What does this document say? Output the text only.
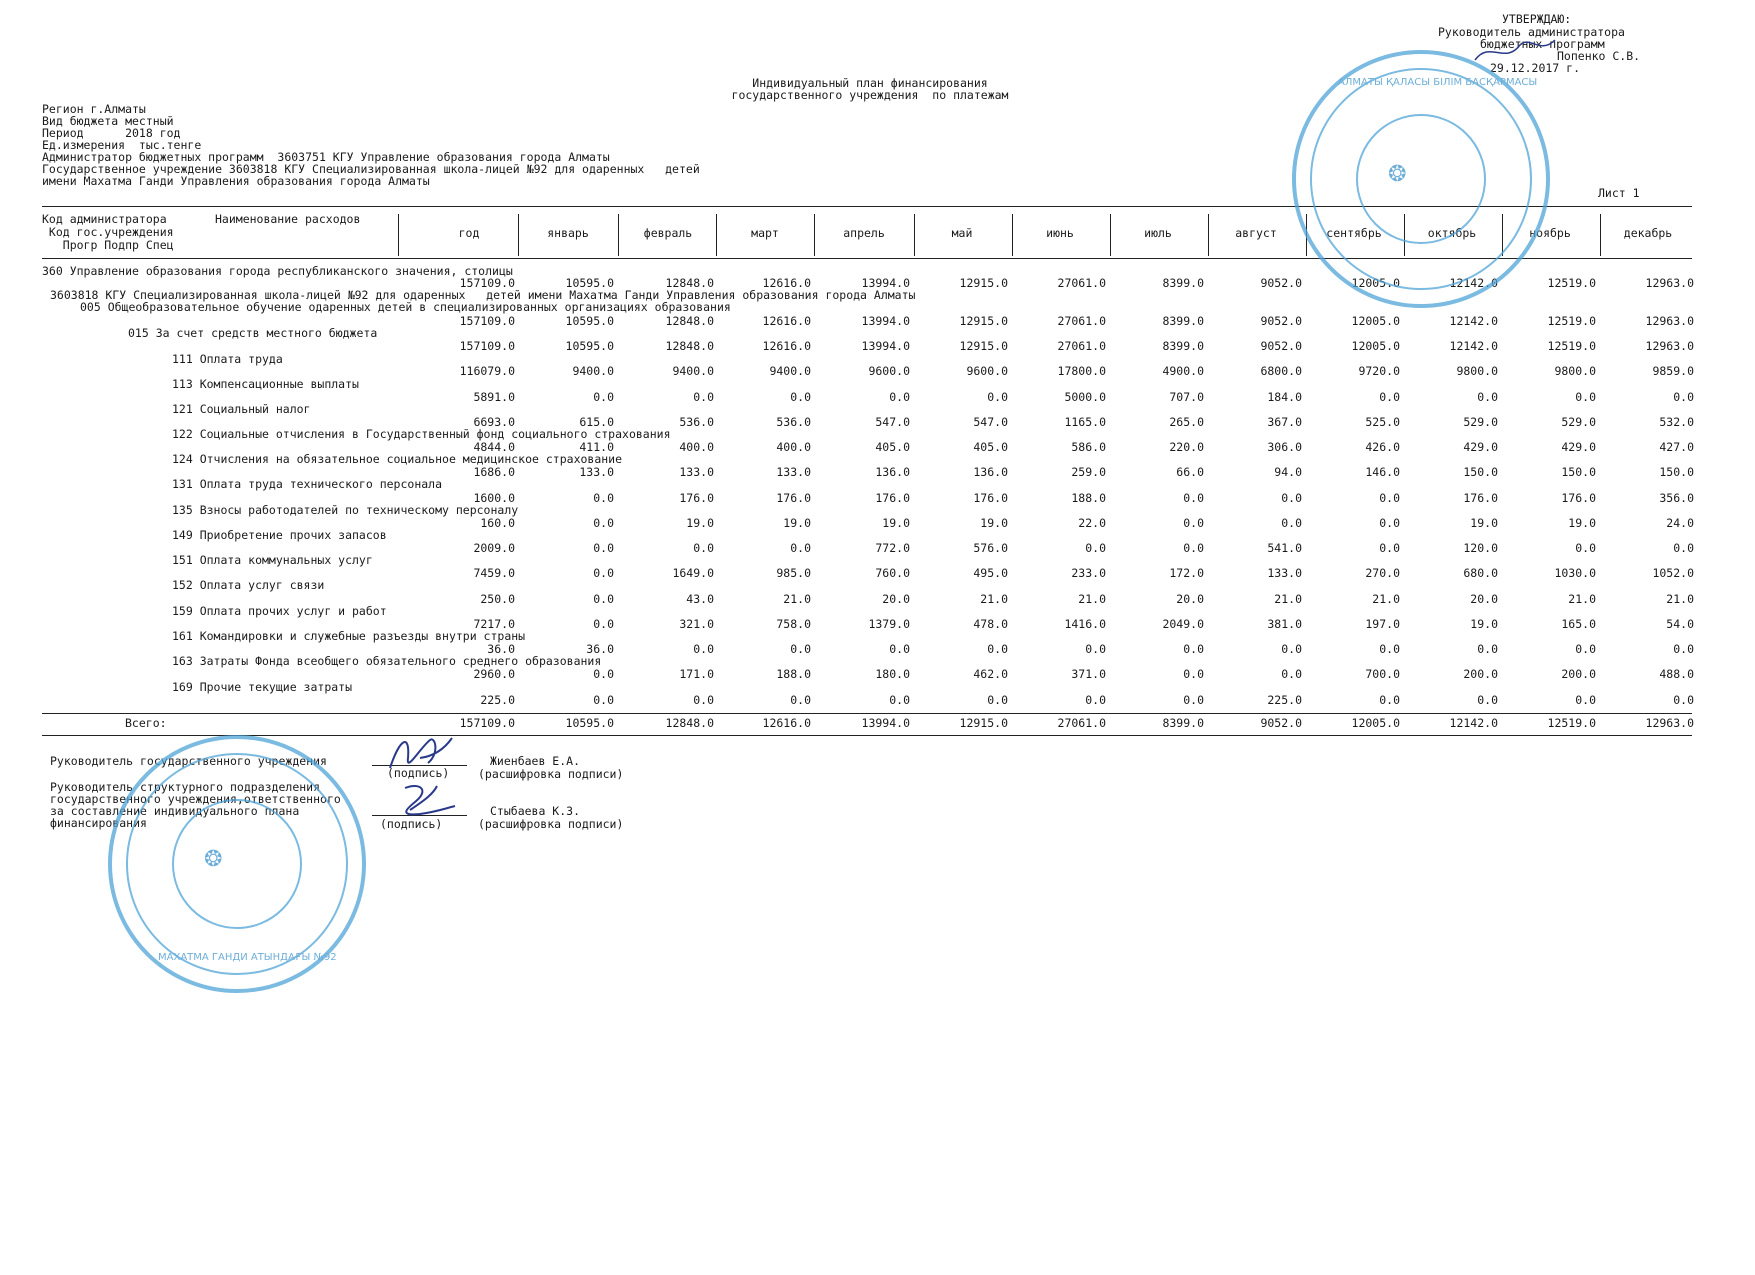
УТВЕРЖДАЮ:
Руководитель администратора
бюджетных программ
Попенко С.В.
29.12.2017 г.
Индивидуальный план финансирования
государственного учреждения  по платежам
Регион г.Алматы
Вид бюджета местный
Период      2018 год
Ед.измерения  тыс.тенге
Администратор бюджетных программ  3603751 КГУ Управление образования города Алматы
Государственное учреждение 3603818 КГУ Специализированная школа-лицей №92 для одаренных   детей
имени Махатма Ганди Управления образования города Алматы
Лист 1
Код администратора	Наименование расходов
Код гос.учреждения
Прогр Подпр Спец
год	январь	февраль	март	апрель	май	июнь	июль	август	сентябрь	октябрь	ноябрь	декабрь
360 Управление образования города республиканского значения, столицы
157109.0	10595.0	12848.0	12616.0	13994.0	12915.0	27061.0	8399.0	9052.0	12005.0	12142.0	12519.0	12963.0
3603818 КГУ Специализированная школа-лицей №92 для одаренных   детей имени Махатма Ганди Управления образования города Алматы
005 Общеобразовательное обучение одаренных детей в специализированных организациях образования
157109.0	10595.0	12848.0	12616.0	13994.0	12915.0	27061.0	8399.0	9052.0	12005.0	12142.0	12519.0	12963.0
015 За счет средств местного бюджета
157109.0	10595.0	12848.0	12616.0	13994.0	12915.0	27061.0	8399.0	9052.0	12005.0	12142.0	12519.0	12963.0
111 Оплата труда
116079.0	9400.0	9400.0	9400.0	9600.0	9600.0	17800.0	4900.0	6800.0	9720.0	9800.0	9800.0	9859.0
113 Компенсационные выплаты
5891.0	0.0	0.0	0.0	0.0	0.0	5000.0	707.0	184.0	0.0	0.0	0.0	0.0
121 Социальный налог
6693.0	615.0	536.0	536.0	547.0	547.0	1165.0	265.0	367.0	525.0	529.0	529.0	532.0
122 Социальные отчисления в Государственный фонд социального страхования
4844.0	411.0	400.0	400.0	405.0	405.0	586.0	220.0	306.0	426.0	429.0	429.0	427.0
124 Отчисления на обязательное социальное медицинское страхование
1686.0	133.0	133.0	133.0	136.0	136.0	259.0	66.0	94.0	146.0	150.0	150.0	150.0
131 Оплата труда технического персонала
1600.0	0.0	176.0	176.0	176.0	176.0	188.0	0.0	0.0	0.0	176.0	176.0	356.0
135 Взносы работодателей по техническому персоналу
160.0	0.0	19.0	19.0	19.0	19.0	22.0	0.0	0.0	0.0	19.0	19.0	24.0
149 Приобретение прочих запасов
2009.0	0.0	0.0	0.0	772.0	576.0	0.0	0.0	541.0	0.0	120.0	0.0	0.0
151 Оплата коммунальных услуг
7459.0	0.0	1649.0	985.0	760.0	495.0	233.0	172.0	133.0	270.0	680.0	1030.0	1052.0
152 Оплата услуг связи
250.0	0.0	43.0	21.0	20.0	21.0	21.0	20.0	21.0	21.0	20.0	21.0	21.0
159 Оплата прочих услуг и работ
7217.0	0.0	321.0	758.0	1379.0	478.0	1416.0	2049.0	381.0	197.0	19.0	165.0	54.0
161 Командировки и служебные разъезды внутри страны
36.0	36.0	0.0	0.0	0.0	0.0	0.0	0.0	0.0	0.0	0.0	0.0	0.0
163 Затраты Фонда всеобщего обязательного среднего образования
2960.0	0.0	171.0	188.0	180.0	462.0	371.0	0.0	0.0	700.0	200.0	200.0	488.0
169 Прочие текущие затраты
225.0	0.0	0.0	0.0	0.0	0.0	0.0	0.0	225.0	0.0	0.0	0.0	0.0
Всего:	157109.0	10595.0	12848.0	12616.0	13994.0	12915.0	27061.0	8399.0	9052.0	12005.0	12142.0	12519.0	12963.0
Руководитель государственного учреждения
(подпись)
Жиенбаев Е.А.
(расшифровка подписи)
Руководитель структурного подразделения
государственного учреждения,ответственного
за составление индивидуального плана
финансирования	(подпись)
Стыбаева К.З.
(расшифровка подписи)
АЛМАТЫ ҚАЛАСЫ БІЛІМ БАСҚАРМАСЫ
❂
МАХАТМА ГАНДИ АТЫНДАҒЫ №92
❂
